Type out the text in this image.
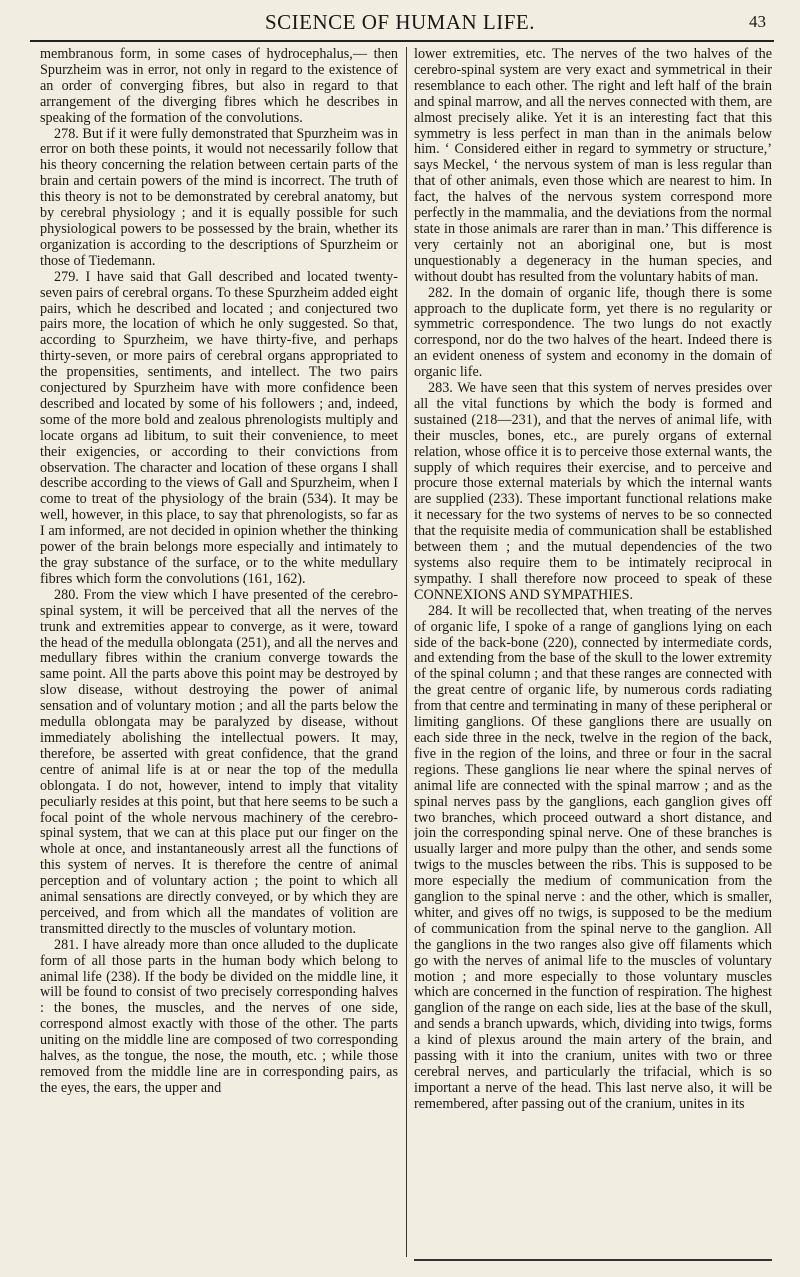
SCIENCE OF HUMAN LIFE.	43

membranous form, in some cases of hydrocephalus,— then Spurzheim was in error, not only in regard to the existence of an order of converging fibres, but also in regard to that arrangement of the diverging fibres which he describes in speaking of the formation of the convolutions.

278. But if it were fully demonstrated that Spurzheim was in error on both these points, it would not necessarily follow that his theory concerning the relation between certain parts of the brain and certain powers of the mind is incorrect. The truth of this theory is not to be demonstrated by cerebral anatomy, but by cerebral physiology ; and it is equally possible for such physiological powers to be possessed by the brain, whether its organization is according to the descriptions of Spurzheim or those of Tiedemann.

279. I have said that Gall described and located twenty-seven pairs of cerebral organs. To these Spurzheim added eight pairs, which he described and located ; and conjectured two pairs more, the location of which he only suggested. So that, according to Spurzheim, we have thirty-five, and perhaps thirty-seven, or more pairs of cerebral organs appropriated to the propensities, sentiments, and intellect. The two pairs conjectured by Spurzheim have with more confidence been described and located by some of his followers ; and, indeed, some of the more bold and zealous phrenologists multiply and locate organs ad libitum, to suit their convenience, to meet their exigencies, or according to their convictions from observation. The character and location of these organs I shall describe according to the views of Gall and Spurzheim, when I come to treat of the physiology of the brain (534). It may be well, however, in this place, to say that phrenologists, so far as I am informed, are not decided in opinion whether the thinking power of the brain belongs more especially and intimately to the gray substance of the surface, or to the white medullary fibres which form the convolutions (161, 162).

280. From the view which I have presented of the cerebro-spinal system, it will be perceived that all the nerves of the trunk and extremities appear to converge, as it were, toward the head of the medulla oblongata (251), and all the nerves and medullary fibres within the cranium converge towards the same point. All the parts above this point may be destroyed by slow disease, without destroying the power of animal sensation and of voluntary motion ; and all the parts below the medulla oblongata may be paralyzed by disease, without immediately abolishing the intellectual powers. It may, therefore, be asserted with great confidence, that the grand centre of animal life is at or near the top of the medulla oblongata. I do not, however, intend to imply that vitality peculiarly resides at this point, but that here seems to be such a focal point of the whole nervous machinery of the cerebro-spinal system, that we can at this place put our finger on the whole at once, and instantaneously arrest all the functions of this system of nerves. It is therefore the centre of animal perception and of voluntary action ; the point to which all animal sensations are directly conveyed, or by which they are perceived, and from which all the mandates of volition are transmitted directly to the muscles of voluntary motion.

281. I have already more than once alluded to the duplicate form of all those parts in the human body which belong to animal life (238). If the body be divided on the middle line, it will be found to consist of two precisely corresponding halves : the bones, the muscles, and the nerves of one side, correspond almost exactly with those of the other. The parts uniting on the middle line are composed of two corresponding halves, as the tongue, the nose, the mouth, etc. ; while those removed from the middle line are in corresponding pairs, as the eyes, the ears, the upper and

lower extremities, etc. The nerves of the two halves of the cerebro-spinal system are very exact and symmetrical in their resemblance to each other. The right and left half of the brain and spinal marrow, and all the nerves connected with them, are almost precisely alike. Yet it is an interesting fact that this symmetry is less perfect in man than in the animals below him. ‘ Considered either in regard to symmetry or structure,’ says Meckel, ‘ the nervous system of man is less regular than that of other animals, even those which are nearest to him. In fact, the halves of the nervous system correspond more perfectly in the mammalia, and the deviations from the normal state in those animals are rarer than in man.’ This difference is very certainly not an aboriginal one, but is most unquestionably a degeneracy in the human species, and without doubt has resulted from the voluntary habits of man.

282. In the domain of organic life, though there is some approach to the duplicate form, yet there is no regularity or symmetric correspondence. The two lungs do not exactly correspond, nor do the two halves of the heart. Indeed there is an evident oneness of system and economy in the domain of organic life.

283. We have seen that this system of nerves presides over all the vital functions by which the body is formed and sustained (218—231), and that the nerves of animal life, with their muscles, bones, etc., are purely organs of external relation, whose office it is to perceive those external wants, the supply of which requires their exercise, and to perceive and procure those external materials by which the internal wants are supplied (233). These important functional relations make it necessary for the two systems of nerves to be so connected that the requisite media of communication shall be established between them ; and the mutual dependencies of the two systems also require them to be intimately reciprocal in sympathy. I shall therefore now proceed to speak of these CONNEXIONS AND SYMPATHIES.

284. It will be recollected that, when treating of the nerves of organic life, I spoke of a range of ganglions lying on each side of the back-bone (220), connected by intermediate cords, and extending from the base of the skull to the lower extremity of the spinal column ; and that these ranges are connected with the great centre of organic life, by numerous cords radiating from that centre and terminating in many of these peripheral or limiting ganglions. Of these ganglions there are usually on each side three in the neck, twelve in the region of the back, five in the region of the loins, and three or four in the sacral regions. These ganglions lie near where the spinal nerves of animal life are connected with the spinal marrow ; and as the spinal nerves pass by the ganglions, each ganglion gives off two branches, which proceed outward a short distance, and join the corresponding spinal nerve. One of these branches is usually larger and more pulpy than the other, and sends some twigs to the muscles between the ribs. This is supposed to be more especially the medium of communication from the ganglion to the spinal nerve : and the other, which is smaller, whiter, and gives off no twigs, is supposed to be the medium of communication from the spinal nerve to the ganglion. All the ganglions in the two ranges also give off filaments which go with the nerves of animal life to the muscles of voluntary motion ; and more especially to those voluntary muscles which are concerned in the function of respiration. The highest ganglion of the range on each side, lies at the base of the skull, and sends a branch upwards, which, dividing into twigs, forms a kind of plexus around the main artery of the brain, and passing with it into the cranium, unites with two or three cerebral nerves, and particularly the trifacial, which is so important a nerve of the head. This last nerve also, it will be remembered, after passing out of the cranium, unites in its
